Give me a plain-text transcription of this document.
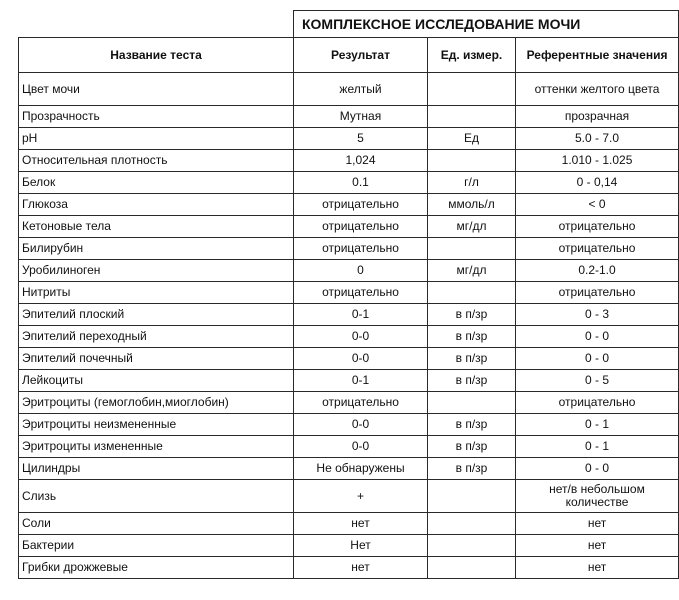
	КОМПЛЕКСНОЕ ИССЛЕДОВАНИЕ МОЧИ		
Название теста	Результат	Ед. измер.	Референтные значения
Цвет мочи	желтый		оттенки желтого цвета
Прозрачность	Мутная		прозрачная
pH	5	Ед	5.0 - 7.0
Относительная плотность	1,024		1.010 - 1.025
Белок	0.1	г/л	0 - 0,14
Глюкоза	отрицательно	ммоль/л	< 0
Кетоновые тела	отрицательно	мг/дл	отрицательно
Билирубин	отрицательно		отрицательно
Уробилиноген	0	мг/дл	0.2-1.0
Нитриты	отрицательно		отрицательно
Эпителий плоский	0-1	в п/зр	0 - 3
Эпителий переходный	0-0	в п/зр	0 - 0
Эпителий почечный	0-0	в п/зр	0 - 0
Лейкоциты	0-1	в п/зр	0 - 5
Эритроциты (гемоглобин,миоглобин)	отрицательно		отрицательно
Эритроциты неизмененные	0-0	в п/зр	0 - 1
Эритроциты измененные	0-0	в п/зр	0 - 1
Цилиндры	Не обнаружены	в п/зр	0 - 0
Слизь	+		нет/в небольшом количестве
Соли	нет		нет
Бактерии	Нет		нет
Грибки дрожжевые	нет		нет
